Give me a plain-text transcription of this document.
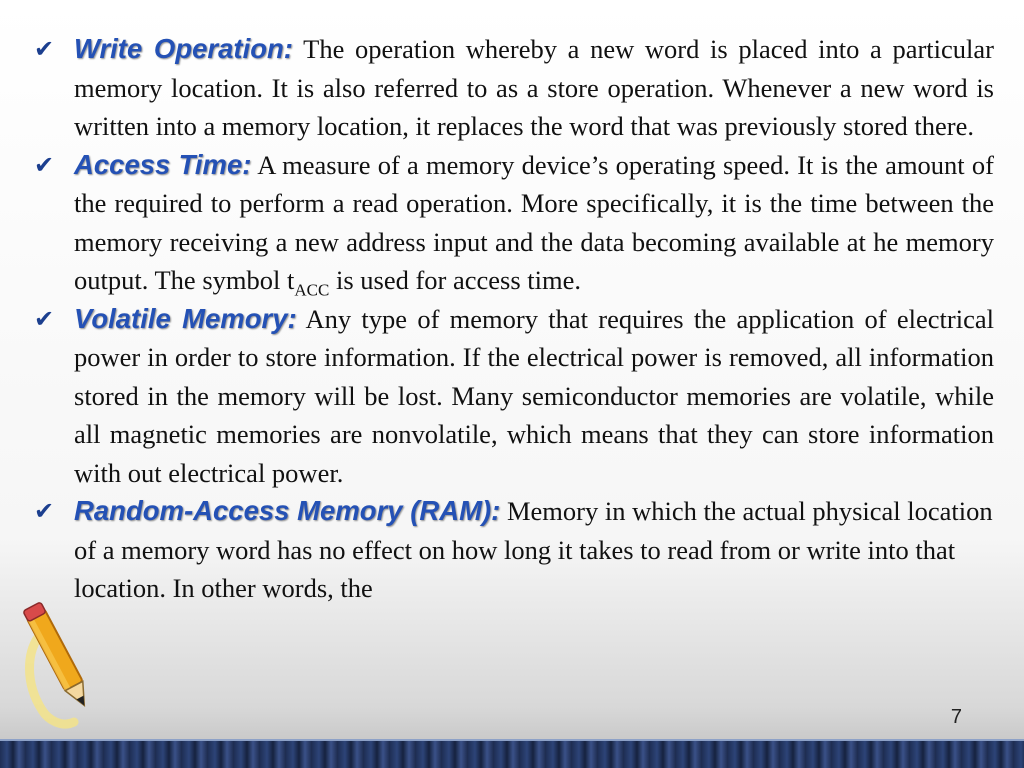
✔ Write Operation: The operation whereby a new word is placed into a particular memory location. It is also referred to as a store operation. Whenever a new word is written into a memory location, it replaces the word that was previously stored there.

✔ Access Time: A measure of a memory device’s operating speed. It is the amount of the required to perform a read operation. More specifically, it is the time between the memory receiving a new address input and the data becoming available at he memory output. The symbol $t_{ACC}$ is used for access time.

✔ Volatile Memory: Any type of memory that requires the application of electrical power in order to store information. If the electrical power is removed, all information stored in the memory will be lost. Many semiconductor memories are volatile, while all magnetic memories are nonvolatile, which means that they can store information with out electrical power.

✔ Random-Access Memory (RAM): Memory in which the actual physical location of a memory word has no effect on how long it takes to read from or write into that location. In other words, the

7
